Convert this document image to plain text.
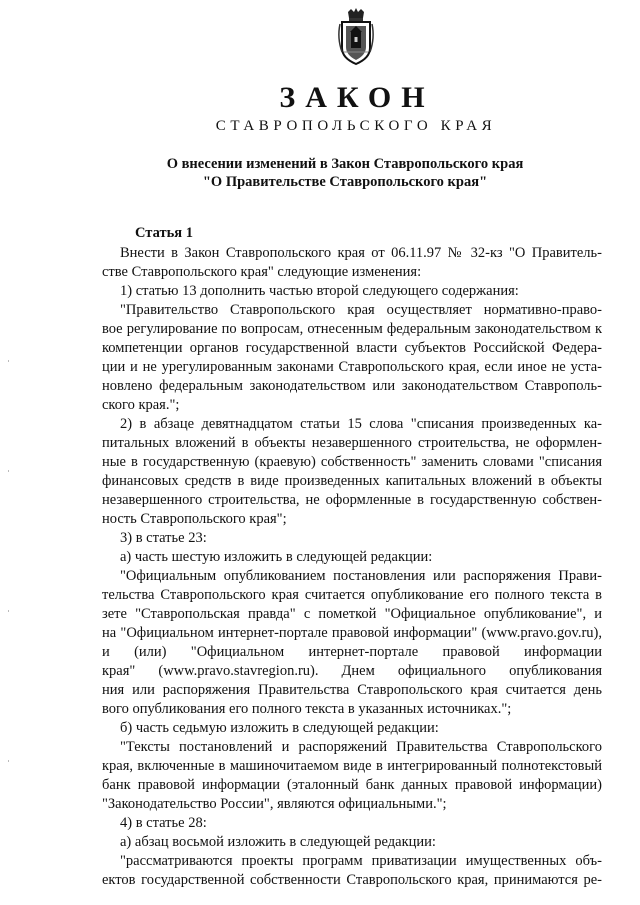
ЗАКОН
СТАВРОПОЛЬСКОГО КРАЯ
О внесении изменений в Закон Ставропольского края
"О Правительстве Ставропольского края"
Статья 1
Внести в Закон Ставропольского края от 06.11.97 № 32-кз "О Правитель-
стве Ставропольского края" следующие изменения:
1) статью 13 дополнить частью второй следующего содержания:
"Правительство Ставропольского края осуществляет нормативно-право-
вое регулирование по вопросам, отнесенным федеральным законодательством к
компетенции органов государственной власти субъектов Российской Федера-
ции и не урегулированным законами Ставропольского края, если иное не уста-
новлено федеральным законодательством или законодательством Ставрополь-
ского края.";
2) в абзаце девятнадцатом статьи 15 слова "списания произведенных ка-
питальных вложений в объекты незавершенного строительства, не оформлен-
ные в государственную (краевую) собственность" заменить словами "списания
финансовых средств в виде произведенных капитальных вложений в объекты
незавершенного строительства, не оформленные в государственную собствен-
ность Ставропольского края";
3) в статье 23:
а) часть шестую изложить в следующей редакции:
"Официальным опубликованием постановления или распоряжения Прави-
тельства Ставропольского края считается опубликование его полного текста в
зете "Ставропольская правда" с пометкой "Официальное опубликование", и
на "Официальном интернет-портале правовой информации" (www.pravo.gov.ru),
и (или) "Официальном интернет-портале правовой информации
края" (www.pravo.stavregion.ru). Днем официального опубликования
ния или распоряжения Правительства Ставропольского края считается день
вого опубликования его полного текста в указанных источниках.";
б) часть седьмую изложить в следующей редакции:
"Тексты постановлений и распоряжений Правительства Ставропольского
края, включенные в машиночитаемом виде в интегрированный полнотекстовый
банк правовой информации (эталонный банк данных правовой информации)
"Законодательство России", являются официальными.";
4) в статье 28:
а) абзац восьмой изложить в следующей редакции:
"рассматриваются проекты программ приватизации имущественных объ-
ектов государственной собственности Ставропольского края, принимаются ре-
